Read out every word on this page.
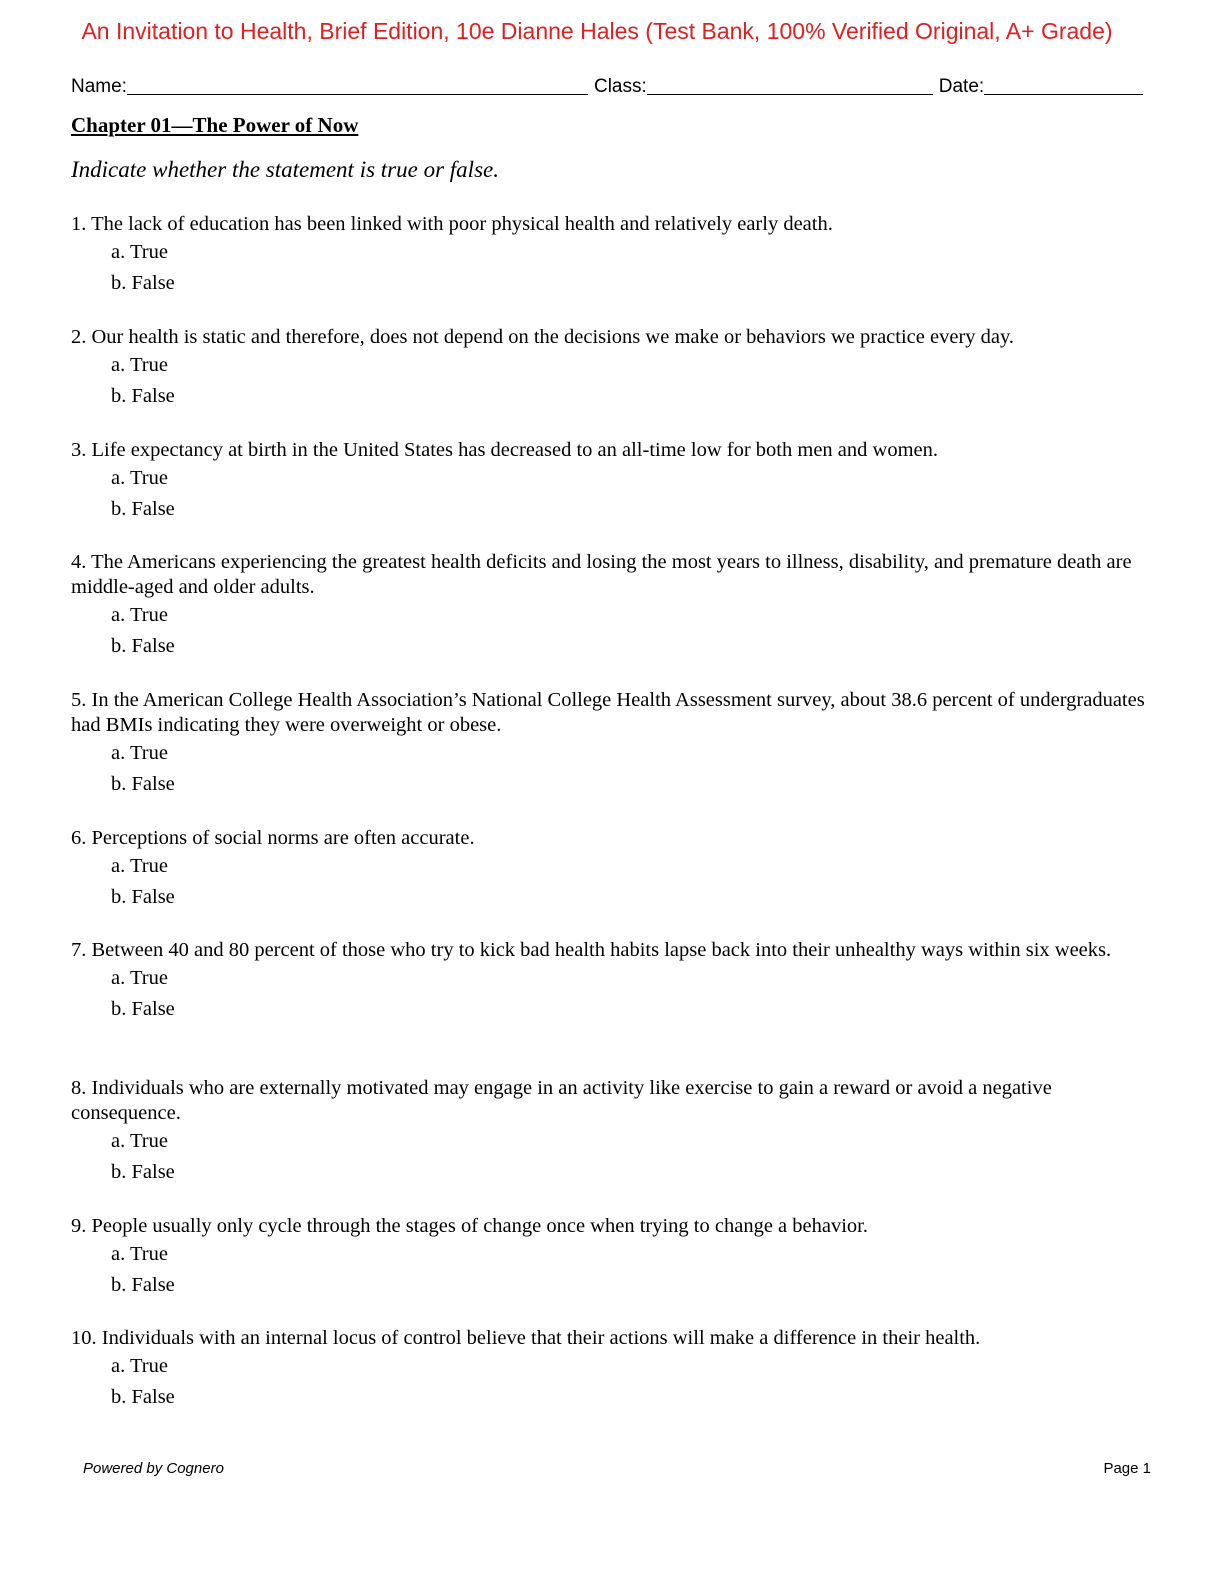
An Invitation to Health, Brief Edition, 10e Dianne Hales (Test Bank, 100% Verified Original, A+ Grade)
Name:	Class:	Date:
Chapter 01—The Power of Now
Indicate whether the statement is true or false.

1. The lack of education has been linked with poor physical health and relatively early death.

a. True
b. False

2. Our health is static and therefore, does not depend on the decisions we make or behaviors we practice every day.

a. True
b. False

3. Life expectancy at birth in the United States has decreased to an all-time low for both men and women.

a. True
b. False

4. The Americans experiencing the greatest health deficits and losing the most years to illness, disability, and premature death are middle-aged and older adults.

a. True
b. False

5. In the American College Health Association’s National College Health Assessment survey, about 38.6 percent of undergraduates had BMIs indicating they were overweight or obese.

a. True
b. False

6. Perceptions of social norms are often accurate.

a. True
b. False

7. Between 40 and 80 percent of those who try to kick bad health habits lapse back into their unhealthy ways within six weeks.

a. True
b. False

8. Individuals who are externally motivated may engage in an activity like exercise to gain a reward or avoid a negative consequence.

a. True
b. False

9. People usually only cycle through the stages of change once when trying to change a behavior.

a. True
b. False

10. Individuals with an internal locus of control believe that their actions will make a difference in their health.

a. True
b. False
Powered by Cognero	Page 1
